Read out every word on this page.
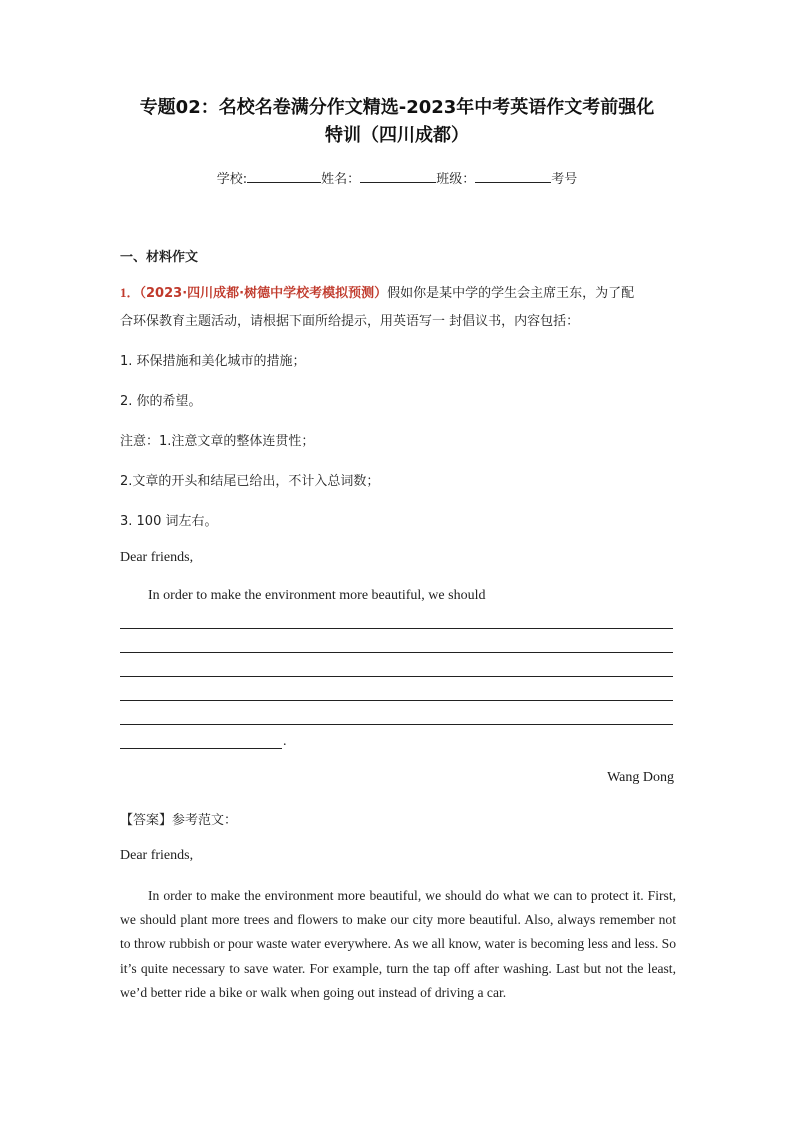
专题02：名校名卷满分作文精选-2023年中考英语作文考前强化
特训（四川成都）
学校:	姓名：	班级：	考号
一、材料作文
1．（2023·四川成都·树德中学校考模拟预测）假如你是某中学的学生会主席王东，为了配
合环保教育主题活动，请根据下面所给提示，用英语写一 封倡议书，内容包括：
1. 环保措施和美化城市的措施；
2. 你的希望。
注意：1.注意文章的整体连贯性；
2.文章的开头和结尾已给出，不计入总词数；
3. 100 词左右。
Dear friends,
In order to make the environment more beautiful, we should
.
Wang Dong
【答案】参考范文：
Dear friends,

In order to make the environment more beautiful, we should do what we can to protect it. First, we should plant more trees and flowers to make our city more beautiful. Also, always remember not to throw rubbish or pour waste water everywhere. As we all know, water is becoming less and less. So it’s quite necessary to save water. For example, turn the tap off after washing. Last but not the least, we’d better ride a bike or walk when going out instead of driving a car.
